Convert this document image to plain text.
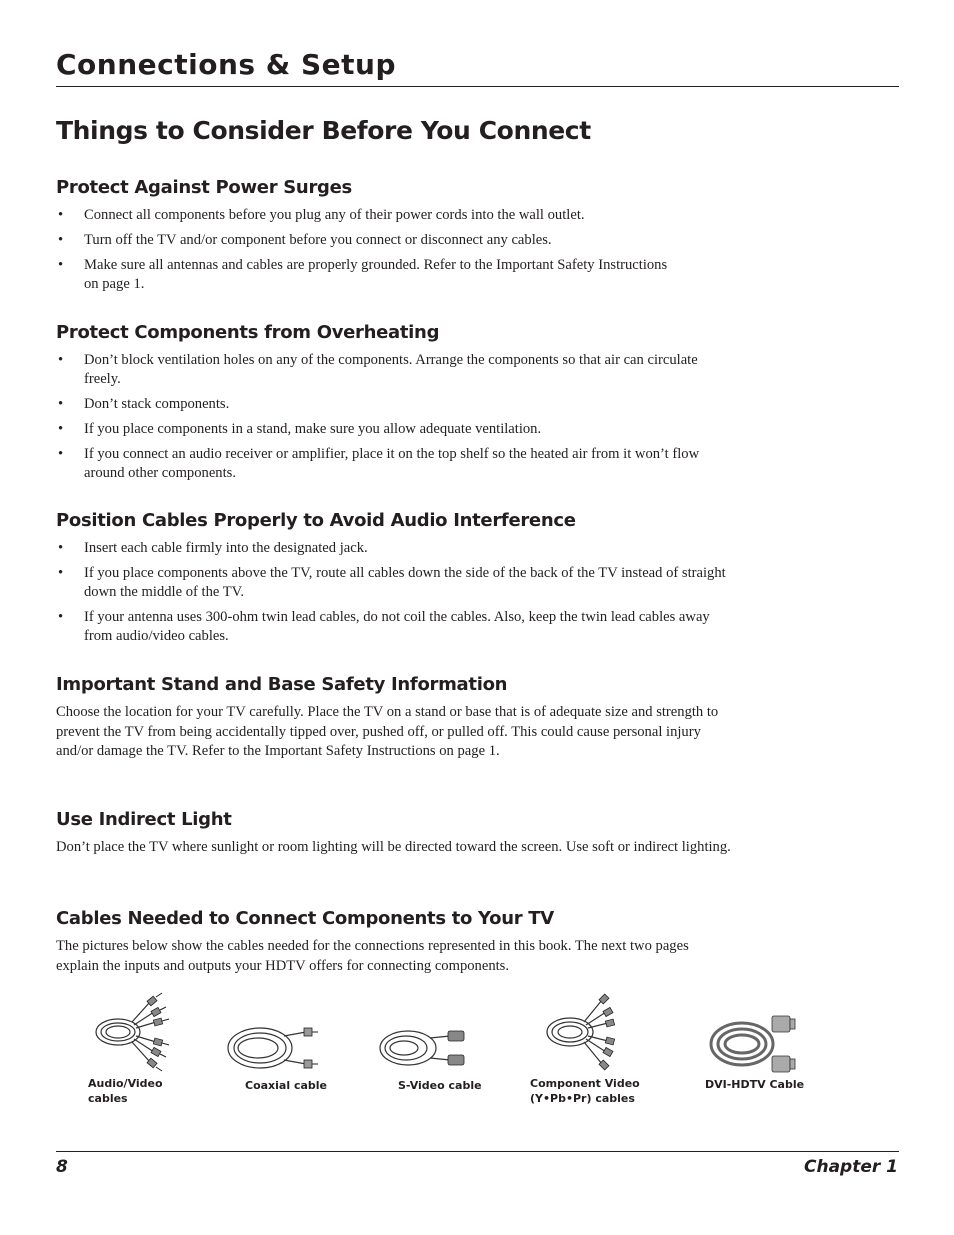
Connections & Setup
Things to Consider Before You Connect
Protect Against Power Surges
• Connect all components before you plug any of their power cords into the wall outlet.
• Turn off the TV and/or component before you connect or disconnect any cables.
• Make sure all antennas and cables are properly grounded. Refer to the Important Safety Instructions on page 1.
Protect Components from Overheating
• Don’t block ventilation holes on any of the components. Arrange the components so that air can circulate freely.
• Don’t stack components.
• If you place components in a stand, make sure you allow adequate ventilation.
• If you connect an audio receiver or amplifier, place it on the top shelf so the heated air from it won’t flow around other components.
Position Cables Properly to Avoid Audio Interference
• Insert each cable firmly into the designated jack.
• If you place components above the TV, route all cables down the side of the back of the TV instead of straight down the middle of the TV.
• If your antenna uses 300-ohm twin lead cables, do not coil the cables. Also, keep the twin lead cables away from audio/video cables.
Important Stand and Base Safety Information

Choose the location for your TV carefully. Place the TV on a stand or base that is of adequate size and strength to prevent the TV from being accidentally tipped over, pushed off, or pulled off. This could cause personal injury and/or damage the TV. Refer to the Important Safety Instructions on page 1.

Use Indirect Light

Don’t place the TV where sunlight or room lighting will be directed toward the screen. Use soft or indirect lighting.

Cables Needed to Connect Components to Your TV

The pictures below show the cables needed for the connections represented in this book. The next two pages explain the inputs and outputs your HDTV offers for connecting components.

Audio/Video
cables
Coaxial cable	S-Video cable	Component Video
(Y•Pb•Pr) cables
DVI-HDTV Cable
8	Chapter 1
